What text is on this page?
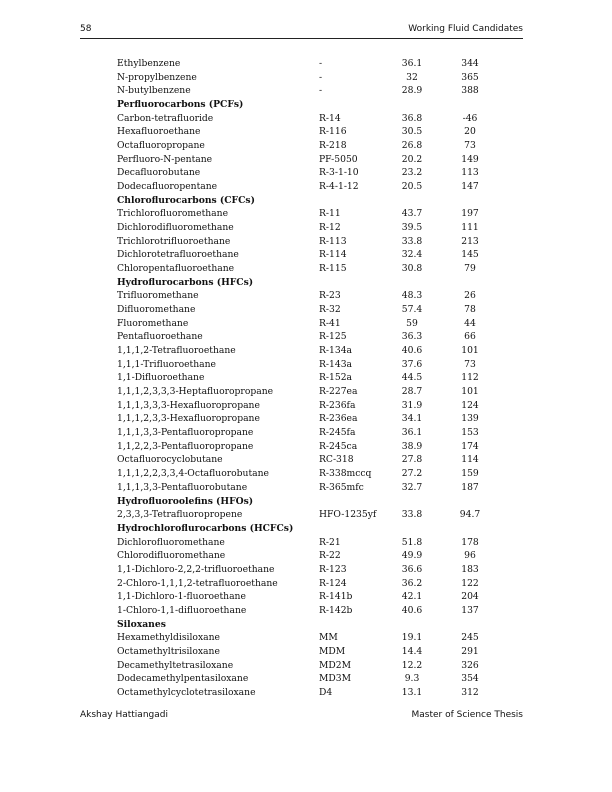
58	Working Fluid Candidates
Ethylbenzene	-	36.1	344
N-propylbenzene	-	32	365
N-butylbenzene	-	28.9	388
Perfluorocarbons (PCFs)
Carbon-tetrafluoride	R-14	36.8	-46
Hexafluoroethane	R-116	30.5	20
Octafluoropropane	R-218	26.8	73
Perfluoro-N-pentane	PF-5050	20.2	149
Decafluorobutane	R-3-1-10	23.2	113
Dodecafluoropentane	R-4-1-12	20.5	147
Chloroflurocarbons (CFCs)
Trichlorofluoromethane	R-11	43.7	197
Dichlorodifluoromethane	R-12	39.5	111
Trichlorotrifluoroethane	R-113	33.8	213
Dichlorotetrafluoroethane	R-114	32.4	145
Chloropentafluoroethane	R-115	30.8	79
Hydroflurocarbons (HFCs)
Trifluoromethane	R-23	48.3	26
Difluoromethane	R-32	57.4	78
Fluoromethane	R-41	59	44
Pentafluoroethane	R-125	36.3	66
1,1,1,2-Tetrafluoroethane	R-134a	40.6	101
1,1,1-Trifluoroethane	R-143a	37.6	73
1,1-Difluoroethane	R-152a	44.5	112
1,1,1,2,3,3,3-Heptafluoropropane	R-227ea	28.7	101
1,1,1,3,3,3-Hexafluoropropane	R-236fa	31.9	124
1,1,1,2,3,3-Hexafluoropropane	R-236ea	34.1	139
1,1,1,3,3-Pentafluoropropane	R-245fa	36.1	153
1,1,2,2,3-Pentafluoropropane	R-245ca	38.9	174
Octafluorocyclobutane	RC-318	27.8	114
1,1,1,2,2,3,3,4-Octafluorobutane	R-338mccq	27.2	159
1,1,1,3,3-Pentafluorobutane	R-365mfc	32.7	187
Hydrofluoroolefins (HFOs)
2,3,3,3-Tetrafluoropropene	HFO-1235yf	33.8	94.7
Hydrochloroflurocarbons (HCFCs)
Dichlorofluoromethane	R-21	51.8	178
Chlorodifluoromethane	R-22	49.9	96
1,1-Dichloro-2,2,2-trifluoroethane	R-123	36.6	183
2-Chloro-1,1,1,2-tetrafluoroethane	R-124	36.2	122
1,1-Dichloro-1-fluoroethane	R-141b	42.1	204
1-Chloro-1,1-difluoroethane	R-142b	40.6	137
Siloxanes
Hexamethyldisiloxane	MM	19.1	245
Octamethyltrisiloxane	MDM	14.4	291
Decamethyltetrasiloxane	MD2M	12.2	326
Dodecamethylpentasiloxane	MD3M	9.3	354
Octamethylcyclotetrasiloxane	D4	13.1	312
Akshay Hattiangadi	Master of Science Thesis
